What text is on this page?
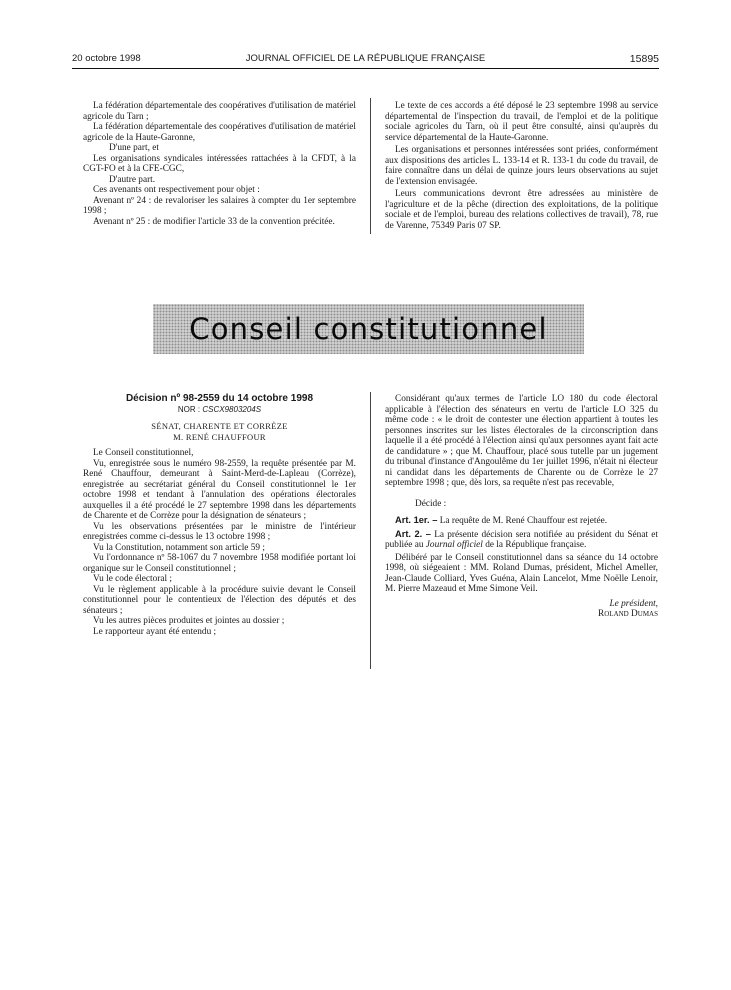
20 octobre 1998	JOURNAL OFFICIEL DE LA RÉPUBLIQUE FRANÇAISE	15895

La fédération départementale des coopératives d'utilisation de matériel agricole du Tarn ;

La fédération départementale des coopératives d'utilisation de matériel agricole de la Haute-Garonne,

D'une part, et

Les organisations syndicales intéressées rattachées à la CFDT, à la CGT-FO et à la CFE-CGC,

D'autre part.

Ces avenants ont respectivement pour objet :

Avenant nº 24 : de revaloriser les salaires à compter du 1er septembre 1998 ;

Avenant nº 25 : de modifier l'article 33 de la convention précitée.

Le texte de ces accords a été déposé le 23 septembre 1998 au service départemental de l'inspection du travail, de l'emploi et de la politique sociale agricoles du Tarn, où il peut être consulté, ainsi qu'auprès du service départemental de la Haute-Garonne.

Les organisations et personnes intéressées sont priées, conformément aux dispositions des articles L. 133-14 et R. 133-1 du code du travail, de faire connaître dans un délai de quinze jours leurs observations au sujet de l'extension envisagée.

Leurs communications devront être adressées au ministère de l'agriculture et de la pêche (direction des exploitations, de la politique sociale et de l'emploi, bureau des relations collectives de travail), 78, rue de Varenne, 75349 Paris 07 SP.

Conseil constitutionnel

Décision nº 98-2559 du 14 octobre 1998

NOR : CSCX9803204S

SÉNAT, CHARENTE ET CORRÈZE

M. RENÉ CHAUFFOUR

Le Conseil constitutionnel,

Vu, enregistrée sous le numéro 98-2559, la requête présentée par M. René Chauffour, demeurant à Saint-Merd-de-Lapleau (Corrèze), enregistrée au secrétariat général du Conseil constitutionnel le 1er octobre 1998 et tendant à l'annulation des opérations électorales auxquelles il a été procédé le 27 septembre 1998 dans les départements de Charente et de Corrèze pour la désignation de sénateurs ;

Vu les observations présentées par le ministre de l'intérieur enregistrées comme ci-dessus le 13 octobre 1998 ;

Vu la Constitution, notamment son article 59 ;

Vu l'ordonnance nº 58-1067 du 7 novembre 1958 modifiée portant loi organique sur le Conseil constitutionnel ;

Vu le code électoral ;

Vu le règlement applicable à la procédure suivie devant le Conseil constitutionnel pour le contentieux de l'élection des députés et des sénateurs ;

Vu les autres pièces produites et jointes au dossier ;

Le rapporteur ayant été entendu ;

Considérant qu'aux termes de l'article LO 180 du code électoral applicable à l'élection des sénateurs en vertu de l'article LO 325 du même code : « le droit de contester une élection appartient à toutes les personnes inscrites sur les listes électorales de la circonscription dans laquelle il a été procédé à l'élection ainsi qu'aux personnes ayant fait acte de candidature » ; que M. Chauffour, placé sous tutelle par un jugement du tribunal d'instance d'Angoulême du 1er juillet 1996, n'était ni électeur ni candidat dans les départements de Charente ou de Corrèze le 27 septembre 1998 ; que, dès lors, sa requête n'est pas recevable,

Décide :

Art. 1er. – La requête de M. René Chauffour est rejetée.

Art. 2. – La présente décision sera notifiée au président du Sénat et publiée au Journal officiel de la République française.

Délibéré par le Conseil constitutionnel dans sa séance du 14 octobre 1998, où siégeaient : MM. Roland Dumas, président, Michel Ameller, Jean-Claude Colliard, Yves Guéna, Alain Lancelot, Mme Noëlle Lenoir, M. Pierre Mazeaud et Mme Simone Veil.

Le président,

Roland Dumas
